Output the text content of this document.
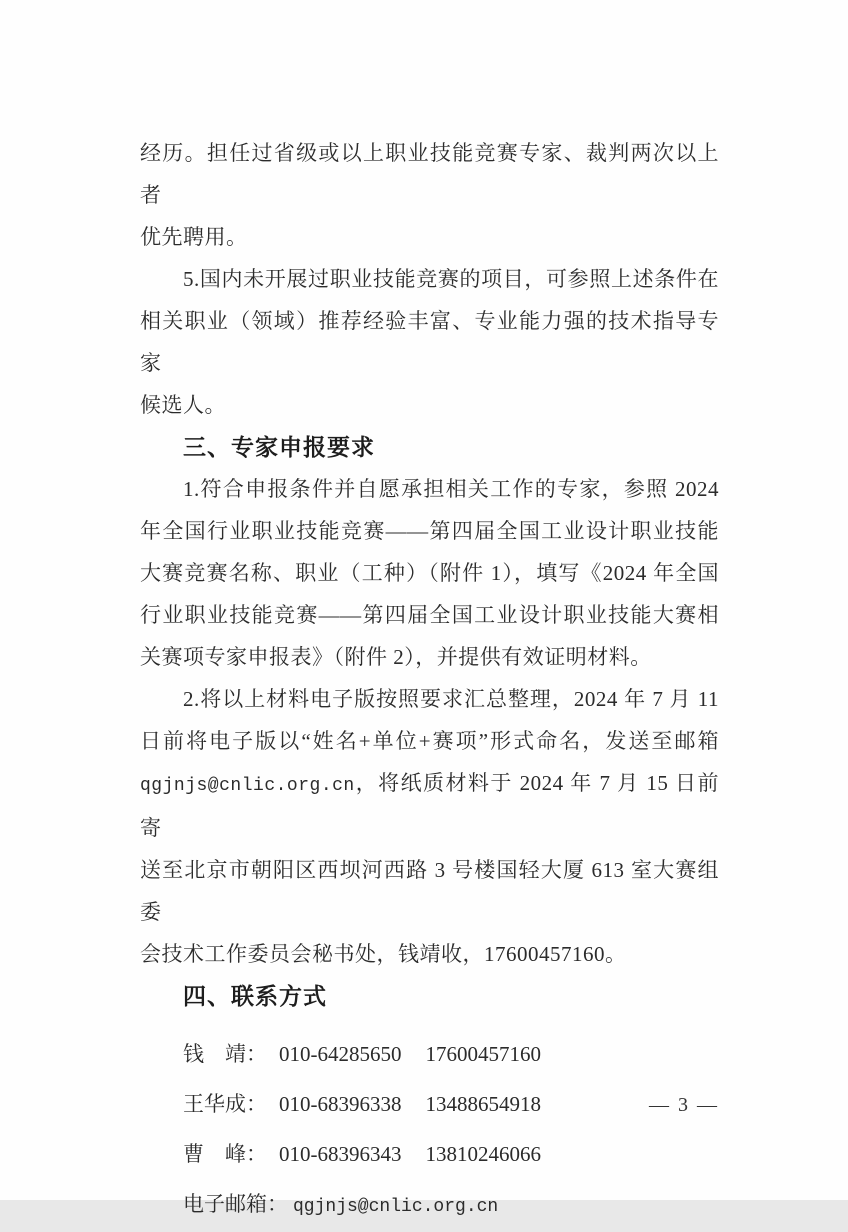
经历。担任过省级或以上职业技能竞赛专家、裁判两次以上者
优先聘用。
5.国内未开展过职业技能竞赛的项目，可参照上述条件在
相关职业（领域）推荐经验丰富、专业能力强的技术指导专家
候选人。
三、专家申报要求
1.符合申报条件并自愿承担相关工作的专家，参照 2024
年全国行业职业技能竞赛——第四届全国工业设计职业技能
大赛竞赛名称、职业（工种）（附件 1），填写《2024 年全国
行业职业技能竞赛——第四届全国工业设计职业技能大赛相
关赛项专家申报表》（附件 2），并提供有效证明材料。
2.将以上材料电子版按照要求汇总整理，2024 年 7 月 11
日前将电子版以“姓名+单位+赛项”形式命名，发送至邮箱
qgjnjs@cnlic.org.cn，将纸质材料于 2024 年 7 月 15 日前寄
送至北京市朝阳区西坝河西路 3 号楼国轻大厦 613 室大赛组委
会技术工作委员会秘书处，钱靖收，17600457160。
四、联系方式
钱　靖： 010-64285650 17600457160
王华成： 010-68396338 13488654918
曹　峰： 010-68396343 13810246066
电子邮箱： qgjnjs@cnlic.org.cn
— 3 —
